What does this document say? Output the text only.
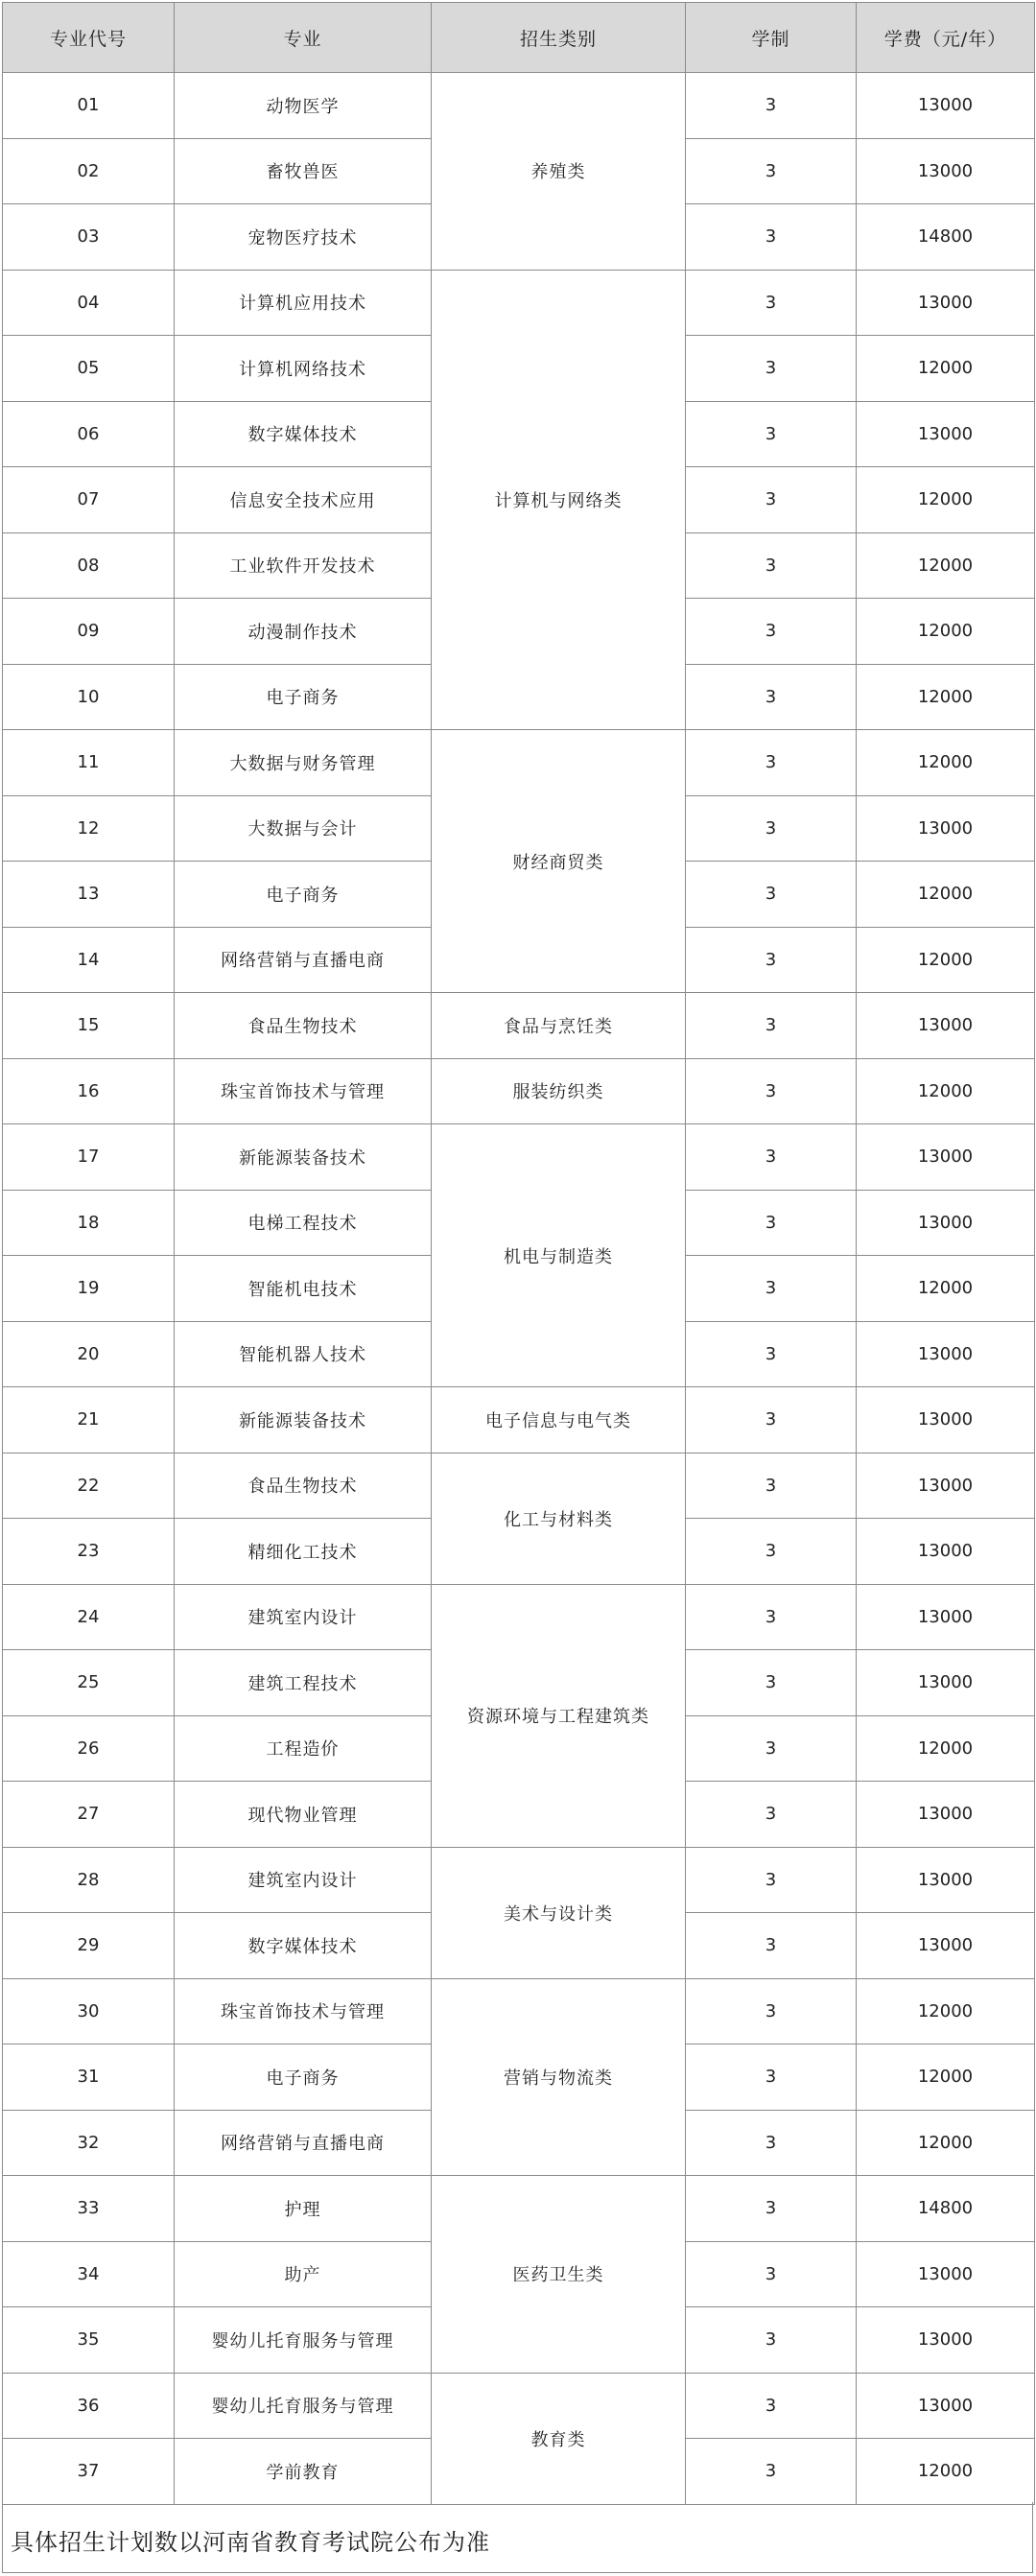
专业代号	专业	招生类别	学制	学费（元/年）
01	动物医学	养殖类	3	13000
02	畜牧兽医		3	13000
03	宠物医疗技术		3	14800
04	计算机应用技术	计算机与网络类	3	13000
05	计算机网络技术		3	12000
06	数字媒体技术		3	13000
07	信息安全技术应用		3	12000
08	工业软件开发技术		3	12000
09	动漫制作技术		3	12000
10	电子商务		3	12000
11	大数据与财务管理	财经商贸类	3	12000
12	大数据与会计		3	13000
13	电子商务		3	12000
14	网络营销与直播电商		3	12000
15	食品生物技术	食品与烹饪类	3	13000
16	珠宝首饰技术与管理	服装纺织类	3	12000
17	新能源装备技术	机电与制造类	3	13000
18	电梯工程技术		3	13000
19	智能机电技术		3	12000
20	智能机器人技术		3	13000
21	新能源装备技术	电子信息与电气类	3	13000
22	食品生物技术	化工与材料类	3	13000
23	精细化工技术		3	13000
24	建筑室内设计	资源环境与工程建筑类	3	13000
25	建筑工程技术		3	13000
26	工程造价		3	12000
27	现代物业管理		3	13000
28	建筑室内设计	美术与设计类	3	13000
29	数字媒体技术		3	13000
30	珠宝首饰技术与管理	营销与物流类	3	12000
31	电子商务		3	12000
32	网络营销与直播电商		3	12000
33	护理	医药卫生类	3	14800
34	助产		3	13000
35	婴幼儿托育服务与管理		3	13000
36	婴幼儿托育服务与管理	教育类	3	13000
37	学前教育		3	12000
具体招生计划数以河南省教育考试院公布为准
